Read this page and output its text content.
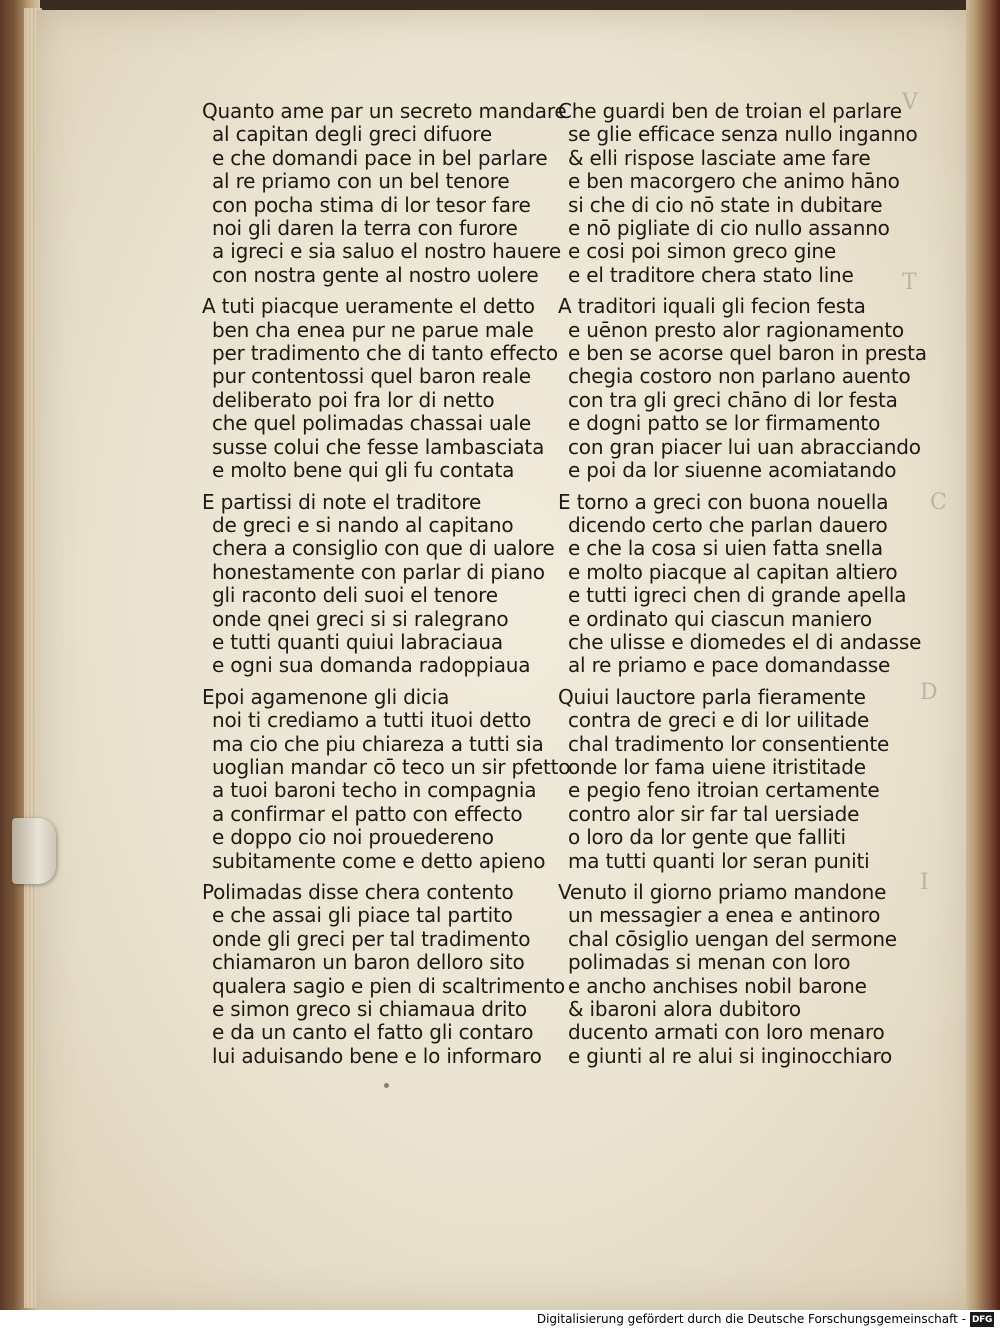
V
T
C
D
I
Quanto ame par un secreto mandare
al capitan degli greci difuore
e che domandi pace in bel parlare
al re priamo con un bel tenore
con pocha stima di lor tesor fare
noi gli daren la terra con furore
a igreci e sia saluo el nostro hauere
con nostra gente al nostro uolere
A tuti piacque ueramente el detto
ben cha enea pur ne parue male
per tradimento che di tanto effecto
pur contentossi quel baron reale
deliberato poi fra lor di netto
che quel polimadas chassai uale
susse colui che fesse lambasciata
e molto bene qui gli fu contata
E partissi di note el traditore
de greci e si nando al capitano
chera a consiglio con que di ualore
honestamente con parlar di piano
gli raconto deli suoi el tenore
onde qnei greci si si ralegrano
e tutti quanti quiui labraciaua
e ogni sua domanda radoppiaua
Epoi agamenone gli dicia
noi ti crediamo a tutti ituoi detto
ma cio che piu chiareza a tutti sia
uoglian mandar cō teco un sir pfetto
a tuoi baroni techo in compagnia
a confirmar el patto con effecto
e doppo cio noi prouedereno
subitamente come e detto apieno
Polimadas disse chera contento
e che assai gli piace tal partito
onde gli greci per tal tradimento
chiamaron un baron delloro sito
qualera sagio e pien di scaltrimento
e simon greco si chiamaua drito
e da un canto el fatto gli contaro
lui aduisando bene e lo informaro
Che guardi ben de troian el parlare
se glie efficace senza nullo inganno
& elli rispose lasciate ame fare
e ben macorgero che animo hāno
si che di cio nō state in dubitare
e nō pigliate di cio nullo assanno
e cosi poi simon greco gine
e el traditore chera stato line
A traditori iquali gli fecion festa
e uēnon presto alor ragionamento
e ben se acorse quel baron in presta
chegia costoro non parlano auento
con tra gli greci chāno di lor festa
e dogni patto se lor firmamento
con gran piacer lui uan abracciando
e poi da lor siuenne acomiatando
E torno a greci con buona nouella
dicendo certo che parlan dauero
e che la cosa si uien fatta snella
e molto piacque al capitan altiero
e tutti igreci chen di grande apella
e ordinato qui ciascun maniero
che ulisse e diomedes el di andasse
al re priamo e pace domandasse
Quiui lauctore parla fieramente
contra de greci e di lor uilitade
chal tradimento lor consentiente
onde lor fama uiene itristitade
e pegio feno itroian certamente
contro alor sir far tal uersiade
o loro da lor gente que falliti
ma tutti quanti lor seran puniti
Venuto il giorno priamo mandone
un messagier a enea e antinoro
chal cōsiglio uengan del sermone
polimadas si menan con loro
e ancho anchises nobil barone
& ibaroni alora dubitoro
ducento armati con loro menaro
e giunti al re alui si inginocchiaro
Digitalisierung gefördert durch die Deutsche Forschungsgemeinschaft - DFG
